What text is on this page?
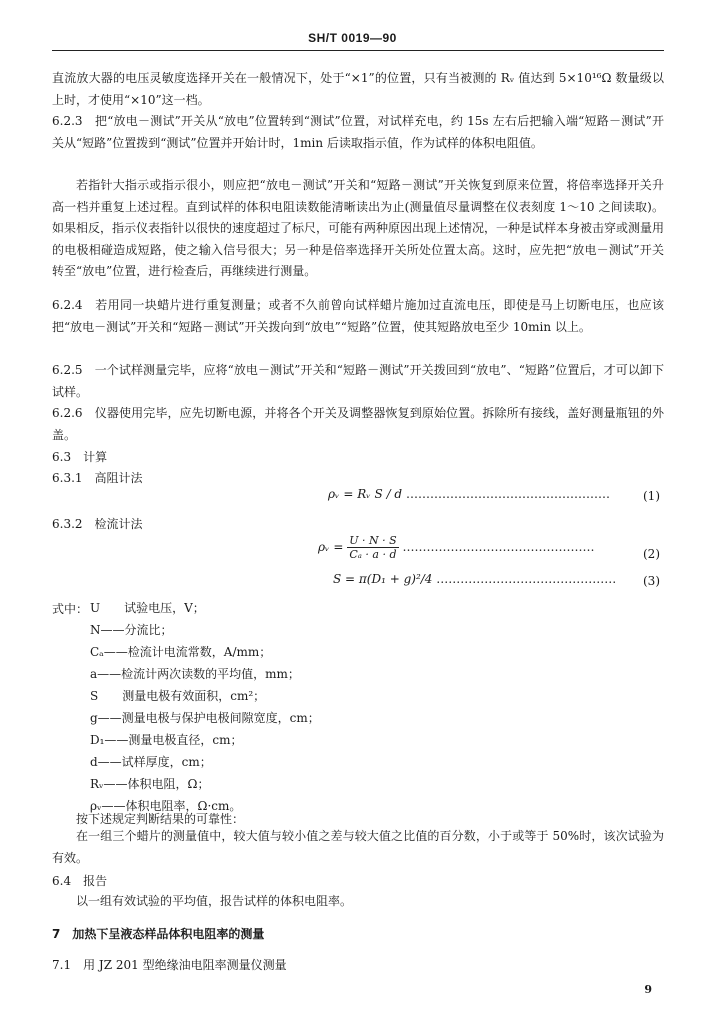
SH/T 0019—90

直流放大器的电压灵敏度选择开关在一般情况下，处于“×1”的位置，只有当被测的 Rᵥ 值达到 5×10¹⁶Ω 数量级以上时，才使用“×10”这一档。

6.2.3　把“放电－测试”开关从“放电”位置转到“测试”位置，对试样充电，约 15s 左右后把输入端“短路－测试”开关从“短路”位置拨到“测试”位置并开始计时，1min 后读取指示值，作为试样的体积电阻值。

若指针大指示或指示很小，则应把“放电－测试”开关和“短路－测试”开关恢复到原来位置，将倍率选择开关升高一档并重复上述过程。直到试样的体积电阻读数能清晰读出为止(测量值尽量调整在仪表刻度 1～10 之间读取)。如果相反，指示仪表指针以很快的速度超过了标尺，可能有两种原因出现上述情况，一种是试样本身被击穿或测量用的电极相碰造成短路，使之输入信号很大；另一种是倍率选择开关所处位置太高。这时，应先把“放电－测试”开关转至“放电”位置，进行检查后，再继续进行测量。

6.2.4　若用同一块蜡片进行重复测量；或者不久前曾向试样蜡片施加过直流电压，即使是马上切断电压，也应该把“放电－测试”开关和“短路－测试”开关拨向到“放电”“短路”位置，使其短路放电至少 10min 以上。

6.2.5　一个试样测量完毕，应将“放电－测试”开关和“短路－测试”开关拨回到“放电”、“短路”位置后，才可以卸下试样。

6.2.6　仪器使用完毕，应先切断电源，并将各个开关及调整器恢复到原始位置。拆除所有接线，盖好测量瓶钮的外盖。

6.3　计算
6.3.1　高阻计法
ρᵥ = Rᵥ S / d ……………………………………………	(1)
6.3.2　检流计法
ρᵥ = $\frac{U \cdot N \cdot S}{\text{Cₐ · a · d}}$ …………………………………………	(2)
S = π(D₁ + g)²/4 ……………………………………… (3)
式中： U　　试验电压，V；
N——分流比；
Cₐ——检流计电流常数，A/mm；
a——检流计两次读数的平均值，mm；
S　　测量电极有效面积，cm²；
g——测量电极与保护电极间隙宽度，cm；
D₁——测量电极直径，cm；
d——试样厚度，cm；
Rᵥ——体积电阻，Ω；
ρᵥ——体积电阻率，Ω·cm。
按下述规定判断结果的可靠性：

在一组三个蜡片的测量值中，较大值与较小值之差与较大值之比值的百分数，小于或等于 50%时，该次试验为有效。

6.4　报告
以一组有效试验的平均值，报告试样的体积电阻率。
7　加热下呈液态样品体积电阻率的测量
7.1　用 JZ 201 型绝缘油电阻率测量仪测量
9
